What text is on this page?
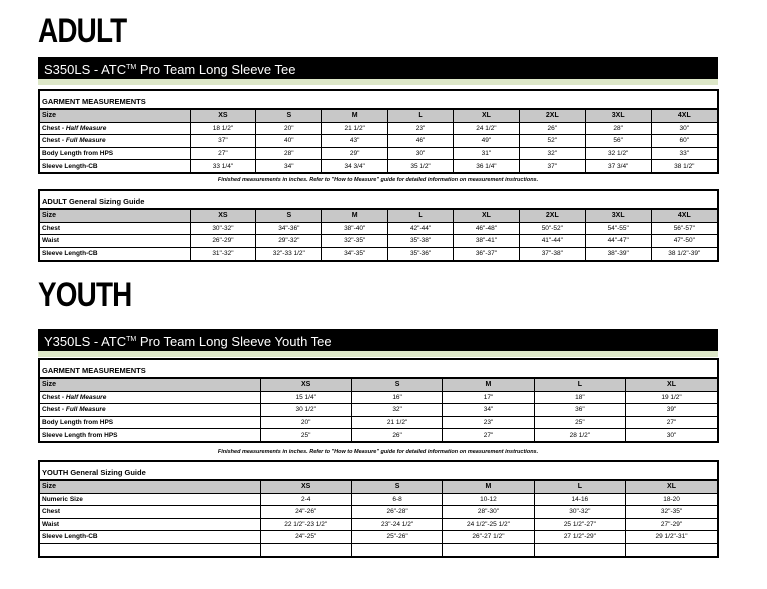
ADULT
S350LS - ATC™ Pro Team Long Sleeve Tee
GARMENT MEASUREMENTS
Size	XS	S	M	L	XL	2XL	3XL	4XL
Chest - Half Measure	18 1/2"	20"	21 1/2"	23"	24 1/2"	26"	28"	30"
Chest - Full Measure	37"	40"	43"	46"	49"	52"	56"	60"
Body Length from HPS	27"	28"	29"	30"	31"	32"	32 1/2"	33"
Sleeve Length-CB	33 1/4"	34"	34 3/4"	35 1/2"	36 1/4"	37"	37 3/4"	38 1/2"
Finished measurements in inches. Refer to "How to Measure" guide for detailed information on measurement instructions.
ADULT General Sizing Guide
Size	XS	S	M	L	XL	2XL	3XL	4XL
Chest	30"-32"	34"-36"	38"-40"	42"-44"	46"-48"	50"-52"	54"-55"	56"-57"
Waist	26"-29"	29"-32"	32"-35"	35"-38"	38"-41"	41"-44"	44"-47"	47"-50"
Sleeve Length-CB	31"-32"	32"-33 1/2"	34"-35"	35"-36"	36"-37"	37"-38"	38"-39"	38 1/2"-39"
YOUTH
Y350LS - ATC™ Pro Team Long Sleeve Youth Tee
GARMENT MEASUREMENTS
Size	XS	S	M	L	XL
Chest - Half Measure	15 1/4"	16"	17"	18"	19 1/2"
Chest - Full Measure	30 1/2"	32"	34"	36"	39"
Body Length from HPS	20"	21 1/2"	23"	25"	27"
Sleeve Length from HPS	25"	26"	27"	28 1/2"	30"
Finished measurements in inches. Refer to "How to Measure" guide for detailed information on measurement instructions.
YOUTH General Sizing Guide
Size	XS	S	M	L	XL
Numeric Size	2-4	6-8	10-12	14-16	18-20
Chest	24"-26"	26"-28"	28"-30"	30"-32"	32"-35"
Waist	22 1/2"-23 1/2"	23"-24 1/2"	24 1/2"-25 1/2"	25 1/2"-27"	27"-29"
Sleeve Length-CB	24"-25"	25"-26"	26"-27 1/2"	27 1/2"-29"	29 1/2"-31"
